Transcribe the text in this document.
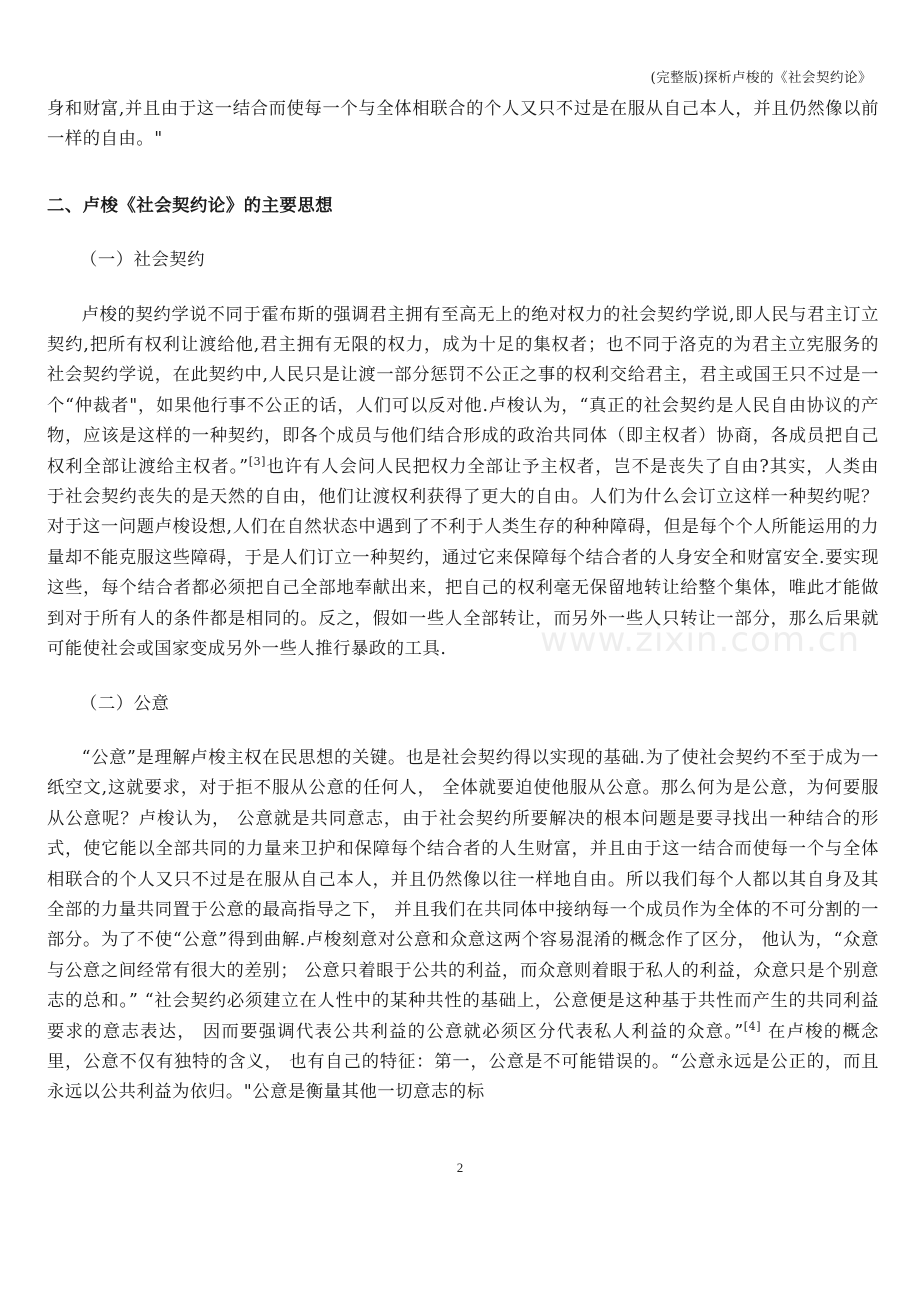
(完整版)探析卢梭的《社会契约论》
www.zixin.com.cn

身和财富,并且由于这一结合而使每一个与全体相联合的个人又只不过是在服从自己本人，并且仍然像以前一样的自由。"

二、卢梭《社会契约论》的主要思想

（一）社会契约

卢梭的契约学说不同于霍布斯的强调君主拥有至高无上的绝对权力的社会契约学说,即人民与君主订立契约,把所有权利让渡给他,君主拥有无限的权力，成为十足的集权者；也不同于洛克的为君主立宪服务的社会契约学说，在此契约中,人民只是让渡一部分惩罚不公正之事的权利交给君主，君主或国王只不过是一个“仲裁者"，如果他行事不公正的话，人们可以反对他.卢梭认为，“真正的社会契约是人民自由协议的产物，应该是这样的一种契约，即各个成员与他们结合形成的政治共同体（即主权者）协商，各成员把自己权利全部让渡给主权者。”[3]也许有人会问人民把权力全部让予主权者，岂不是丧失了自由?其实，人类由于社会契约丧失的是天然的自由，他们让渡权利获得了更大的自由。人们为什么会订立这样一种契约呢？对于这一问题卢梭设想,人们在自然状态中遇到了不利于人类生存的种种障碍，但是每个个人所能运用的力量却不能克服这些障碍，于是人们订立一种契约，通过它来保障每个结合者的人身安全和财富安全.要实现这些，每个结合者都必须把自己全部地奉献出来，把自己的权利毫无保留地转让给整个集体，唯此才能做到对于所有人的条件都是相同的。反之，假如一些人全部转让，而另外一些人只转让一部分，那么后果就可能使社会或国家变成另外一些人推行暴政的工具.

（二）公意

“公意”是理解卢梭主权在民思想的关键。也是社会契约得以实现的基础.为了使社会契约不至于成为一纸空文,这就要求，对于拒不服从公意的任何人， 全体就要迫使他服从公意。那么何为是公意，为何要服从公意呢？卢梭认为， 公意就是共同意志，由于社会契约所要解决的根本问题是要寻找出一种结合的形式，使它能以全部共同的力量来卫护和保障每个结合者的人生财富，并且由于这一结合而使每一个与全体相联合的个人又只不过是在服从自己本人，并且仍然像以往一样地自由。所以我们每个人都以其自身及其全部的力量共同置于公意的最高指导之下， 并且我们在共同体中接纳每一个成员作为全体的不可分割的一部分。为了不使“公意”得到曲解.卢梭刻意对公意和众意这两个容易混淆的概念作了区分， 他认为，“众意与公意之间经常有很大的差别； 公意只着眼于公共的利益，而众意则着眼于私人的利益，众意只是个别意志的总和。” “社会契约必须建立在人性中的某种共性的基础上，公意便是这种基于共性而产生的共同利益要求的意志表达， 因而要强调代表公共利益的公意就必须区分代表私人利益的众意。”[4] 在卢梭的概念里，公意不仅有独特的含义， 也有自己的特征：第一，公意是不可能错误的。“公意永远是公正的，而且永远以公共利益为依归。"公意是衡量其他一切意志的标

2
